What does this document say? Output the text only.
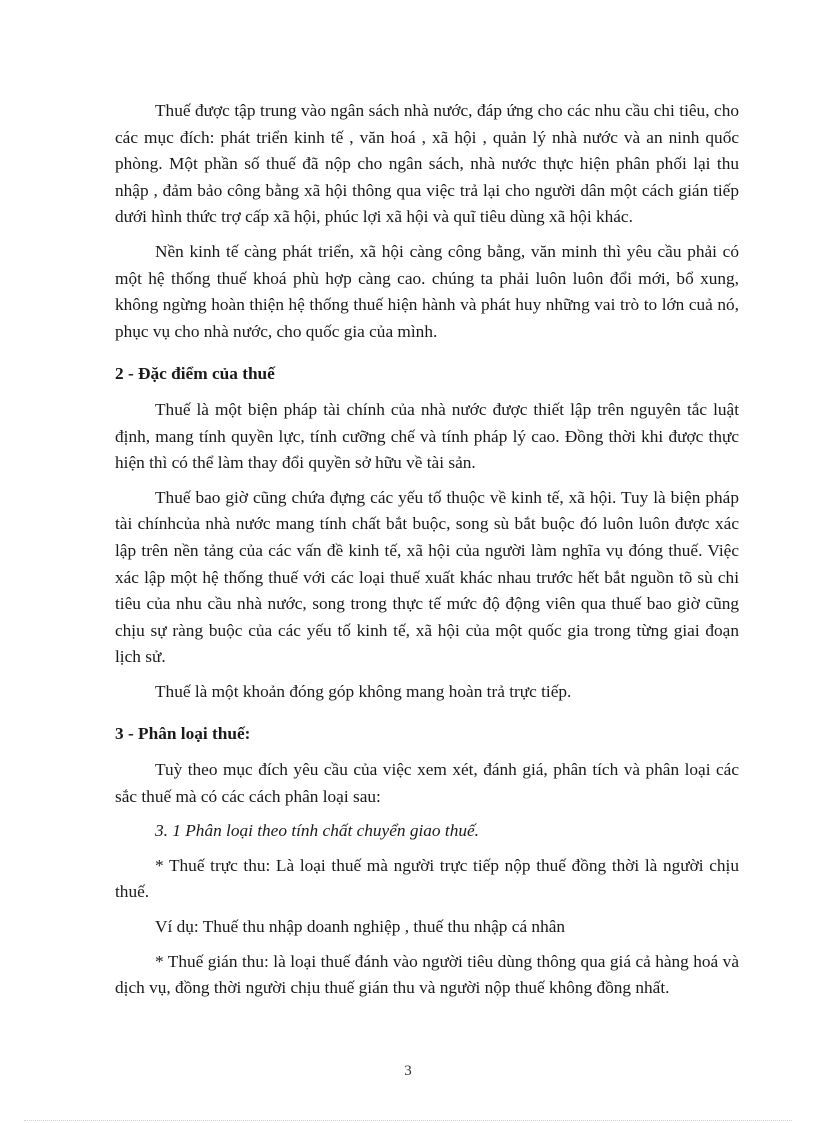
Thuế được tập trung vào ngân sách nhà nước, đáp ứng cho các nhu cầu chi tiêu, cho các mục đích: phát triển kinh tế , văn hoá , xã hội , quản lý nhà nước và an ninh quốc phòng. Một phần số thuế đã nộp cho ngân sách, nhà nước thực hiện phân phối lại thu nhập , đảm bảo công bằng xã hội thông qua việc trả lại cho người dân một cách gián tiếp dưới hình thức trợ cấp xã hội, phúc lợi xã hội và quĩ tiêu dùng xã hội khác.

Nền kinh tế càng phát triển, xã hội càng công bằng, văn minh thì yêu cầu phải có một hệ thống thuế khoá phù hợp càng cao. chúng ta phải luôn luôn đổi mới, bổ xung, không ngừng hoàn thiện hệ thống thuế hiện hành và phát huy những vai trò to lớn cuả nó, phục vụ cho nhà nước, cho quốc gia của mình.

2 - Đặc điểm của thuế

Thuế là một biện pháp tài chính của nhà nước được thiết lập trên nguyên tắc luật định, mang tính quyền lực, tính cưỡng chế và tính pháp lý cao. Đồng thời khi được thực hiện thì có thể làm thay đổi quyền sở hữu về tài sản.

Thuế bao giờ cũng chứa đựng các yếu tố thuộc về kinh tế, xã hội. Tuy là biện pháp tài chínhcủa nhà nước mang tính chất bắt buộc, song sù bắt buộc đó luôn luôn được xác lập trên nền tảng của các vấn đề kinh tế, xã hội của người làm nghĩa vụ đóng thuế. Việc xác lập một hệ thống thuế với các loại thuế xuất khác nhau trước hết bắt nguồn tõ sù chi tiêu của nhu cầu nhà nước, song trong thực tế mức độ động viên qua thuế bao giờ cũng chịu sự ràng buộc của các yếu tố kinh tế, xã hội của một quốc gia trong từng giai đoạn lịch sử.

Thuế là một khoản đóng góp không mang hoàn trả trực tiếp.

3 - Phân loại thuế:

Tuỳ theo mục đích yêu cầu của việc xem xét, đánh giá, phân tích và phân loại các sắc thuế mà có các cách phân loại sau:

3. 1 Phân loại theo tính chất chuyển giao thuế.

* Thuế trực thu: Là loại thuế mà người trực tiếp nộp thuế đồng thời là người chịu thuế.

Ví dụ: Thuế thu nhập doanh nghiệp , thuế thu nhập cá nhân

* Thuế gián thu: là loại thuế đánh vào người tiêu dùng thông qua giá cả hàng hoá và dịch vụ, đồng thời người chịu thuế gián thu và người nộp thuế không đồng nhất.

3
